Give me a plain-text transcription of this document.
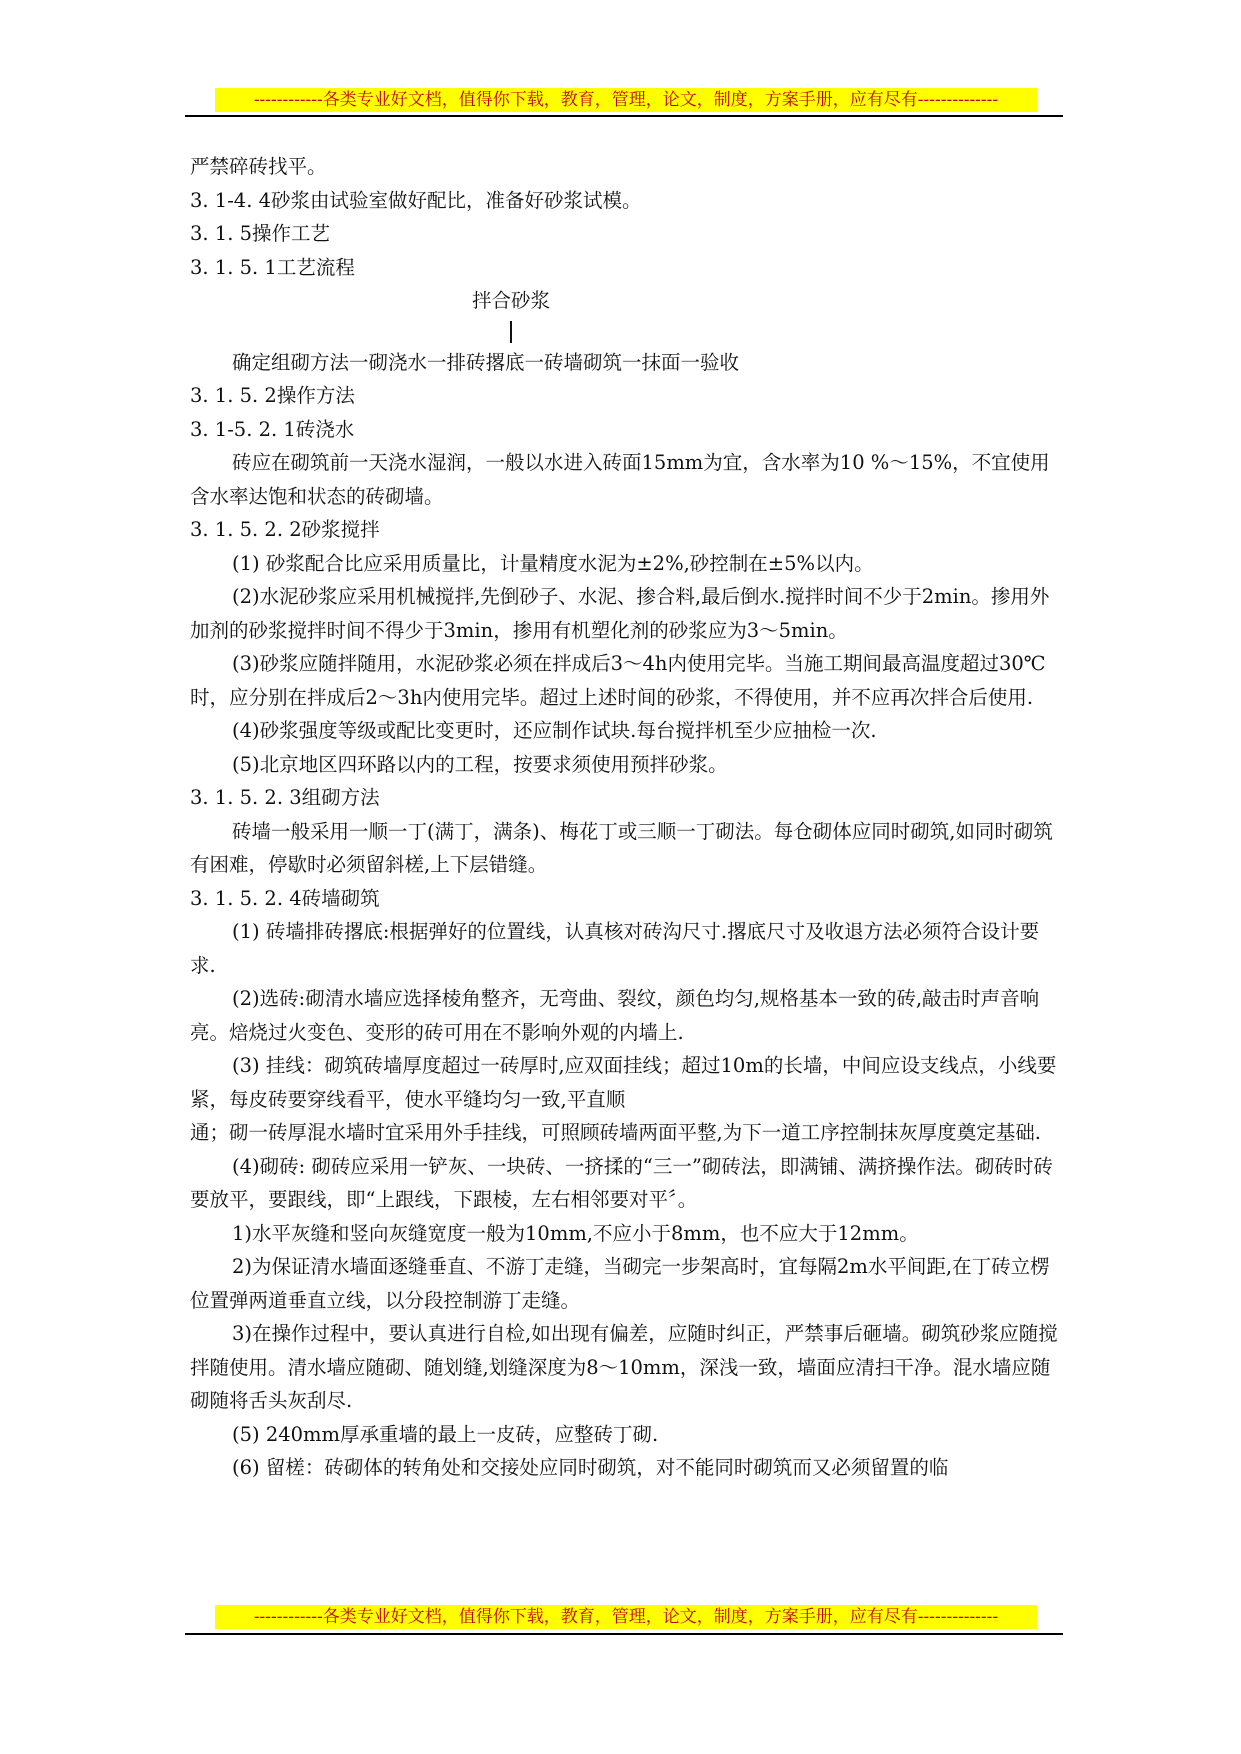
------------各类专业好文档，值得你下载，教育，管理，论文，制度，方案手册，应有尽有--------------

严禁碎砖找平。

3. 1-4. 4砂浆由试验室做好配比，准备好砂浆试模。

3. 1. 5操作工艺

3. 1. 5. 1工艺流程

拌合砂浆

确定组砌方法一砌浇水一排砖撂底一砖墙砌筑一抹面一验收

3. 1. 5. 2操作方法

3. 1-5. 2. 1砖浇水

砖应在砌筑前一天浇水湿润，一般以水进入砖面15mm为宜，含水率为10 %～15%，不宜使用含水率达饱和状态的砖砌墙。

3. 1. 5. 2. 2砂浆搅拌

(1) 砂浆配合比应采用质量比，计量精度水泥为±2%,砂控制在±5%以内。

(2)水泥砂浆应采用机械搅拌,先倒砂子、水泥、掺合料,最后倒水.搅拌时间不少于2min。掺用外加剂的砂浆搅拌时间不得少于3min，掺用有机塑化剂的砂浆应为3～5min。

(3)砂浆应随拌随用，水泥砂浆必须在拌成后3～4h内使用完毕。当施工期间最高温度超过30℃时，应分别在拌成后2～3h内使用完毕。超过上述时间的砂浆，不得使用，并不应再次拌合后使用.

(4)砂浆强度等级或配比变更时，还应制作试块.每台搅拌机至少应抽检一次.

(5)北京地区四环路以内的工程，按要求须使用预拌砂浆。

3. 1. 5. 2. 3组砌方法

砖墙一般采用一顺一丁(满丁，满条)、梅花丁或三顺一丁砌法。每仓砌体应同时砌筑,如同时砌筑有困难，停歇时必须留斜槎,上下层错缝。

3. 1. 5. 2. 4砖墙砌筑

(1) 砖墙排砖撂底:根据弹好的位置线，认真核对砖沟尺寸.撂底尺寸及收退方法必须符合设计要求.

(2)选砖:砌清水墙应选择棱角整齐，无弯曲、裂纹，颜色均匀,规格基本一致的砖,敲击时声音响亮。焙烧过火变色、变形的砖可用在不影响外观的内墙上.

(3) 挂线：砌筑砖墙厚度超过一砖厚时,应双面挂线；超过10m的长墙，中间应设支线点，小线要紧，每皮砖要穿线看平，使水平缝均匀一致,平直顺

通；砌一砖厚混水墙时宜采用外手挂线，可照顾砖墙两面平整,为下一道工序控制抹灰厚度奠定基础.

(4)砌砖: 砌砖应采用一铲灰、一块砖、一挤揉的“三一”砌砖法，即满铺、满挤操作法。砌砖时砖要放平，要跟线，即“上跟线，下跟棱，左右相邻要对平〞。

1)水平灰缝和竖向灰缝宽度一般为10mm,不应小于8mm，也不应大于12mm。

2)为保证清水墙面逐缝垂直、不游丁走缝，当砌完一步架高时，宜每隔2m水平间距,在丁砖立楞位置弹两道垂直立线，以分段控制游丁走缝。

3)在操作过程中，要认真进行自检,如出现有偏差，应随时纠正，严禁事后砸墙。砌筑砂浆应随搅拌随使用。清水墙应随砌、随划缝,划缝深度为8～10mm，深浅一致，墙面应清扫干净。混水墙应随砌随将舌头灰刮尽.

(5) 240mm厚承重墙的最上一皮砖，应整砖丁砌.

(6) 留槎：砖砌体的转角处和交接处应同时砌筑，对不能同时砌筑而又必须留置的临

------------各类专业好文档，值得你下载，教育，管理，论文，制度，方案手册，应有尽有--------------
